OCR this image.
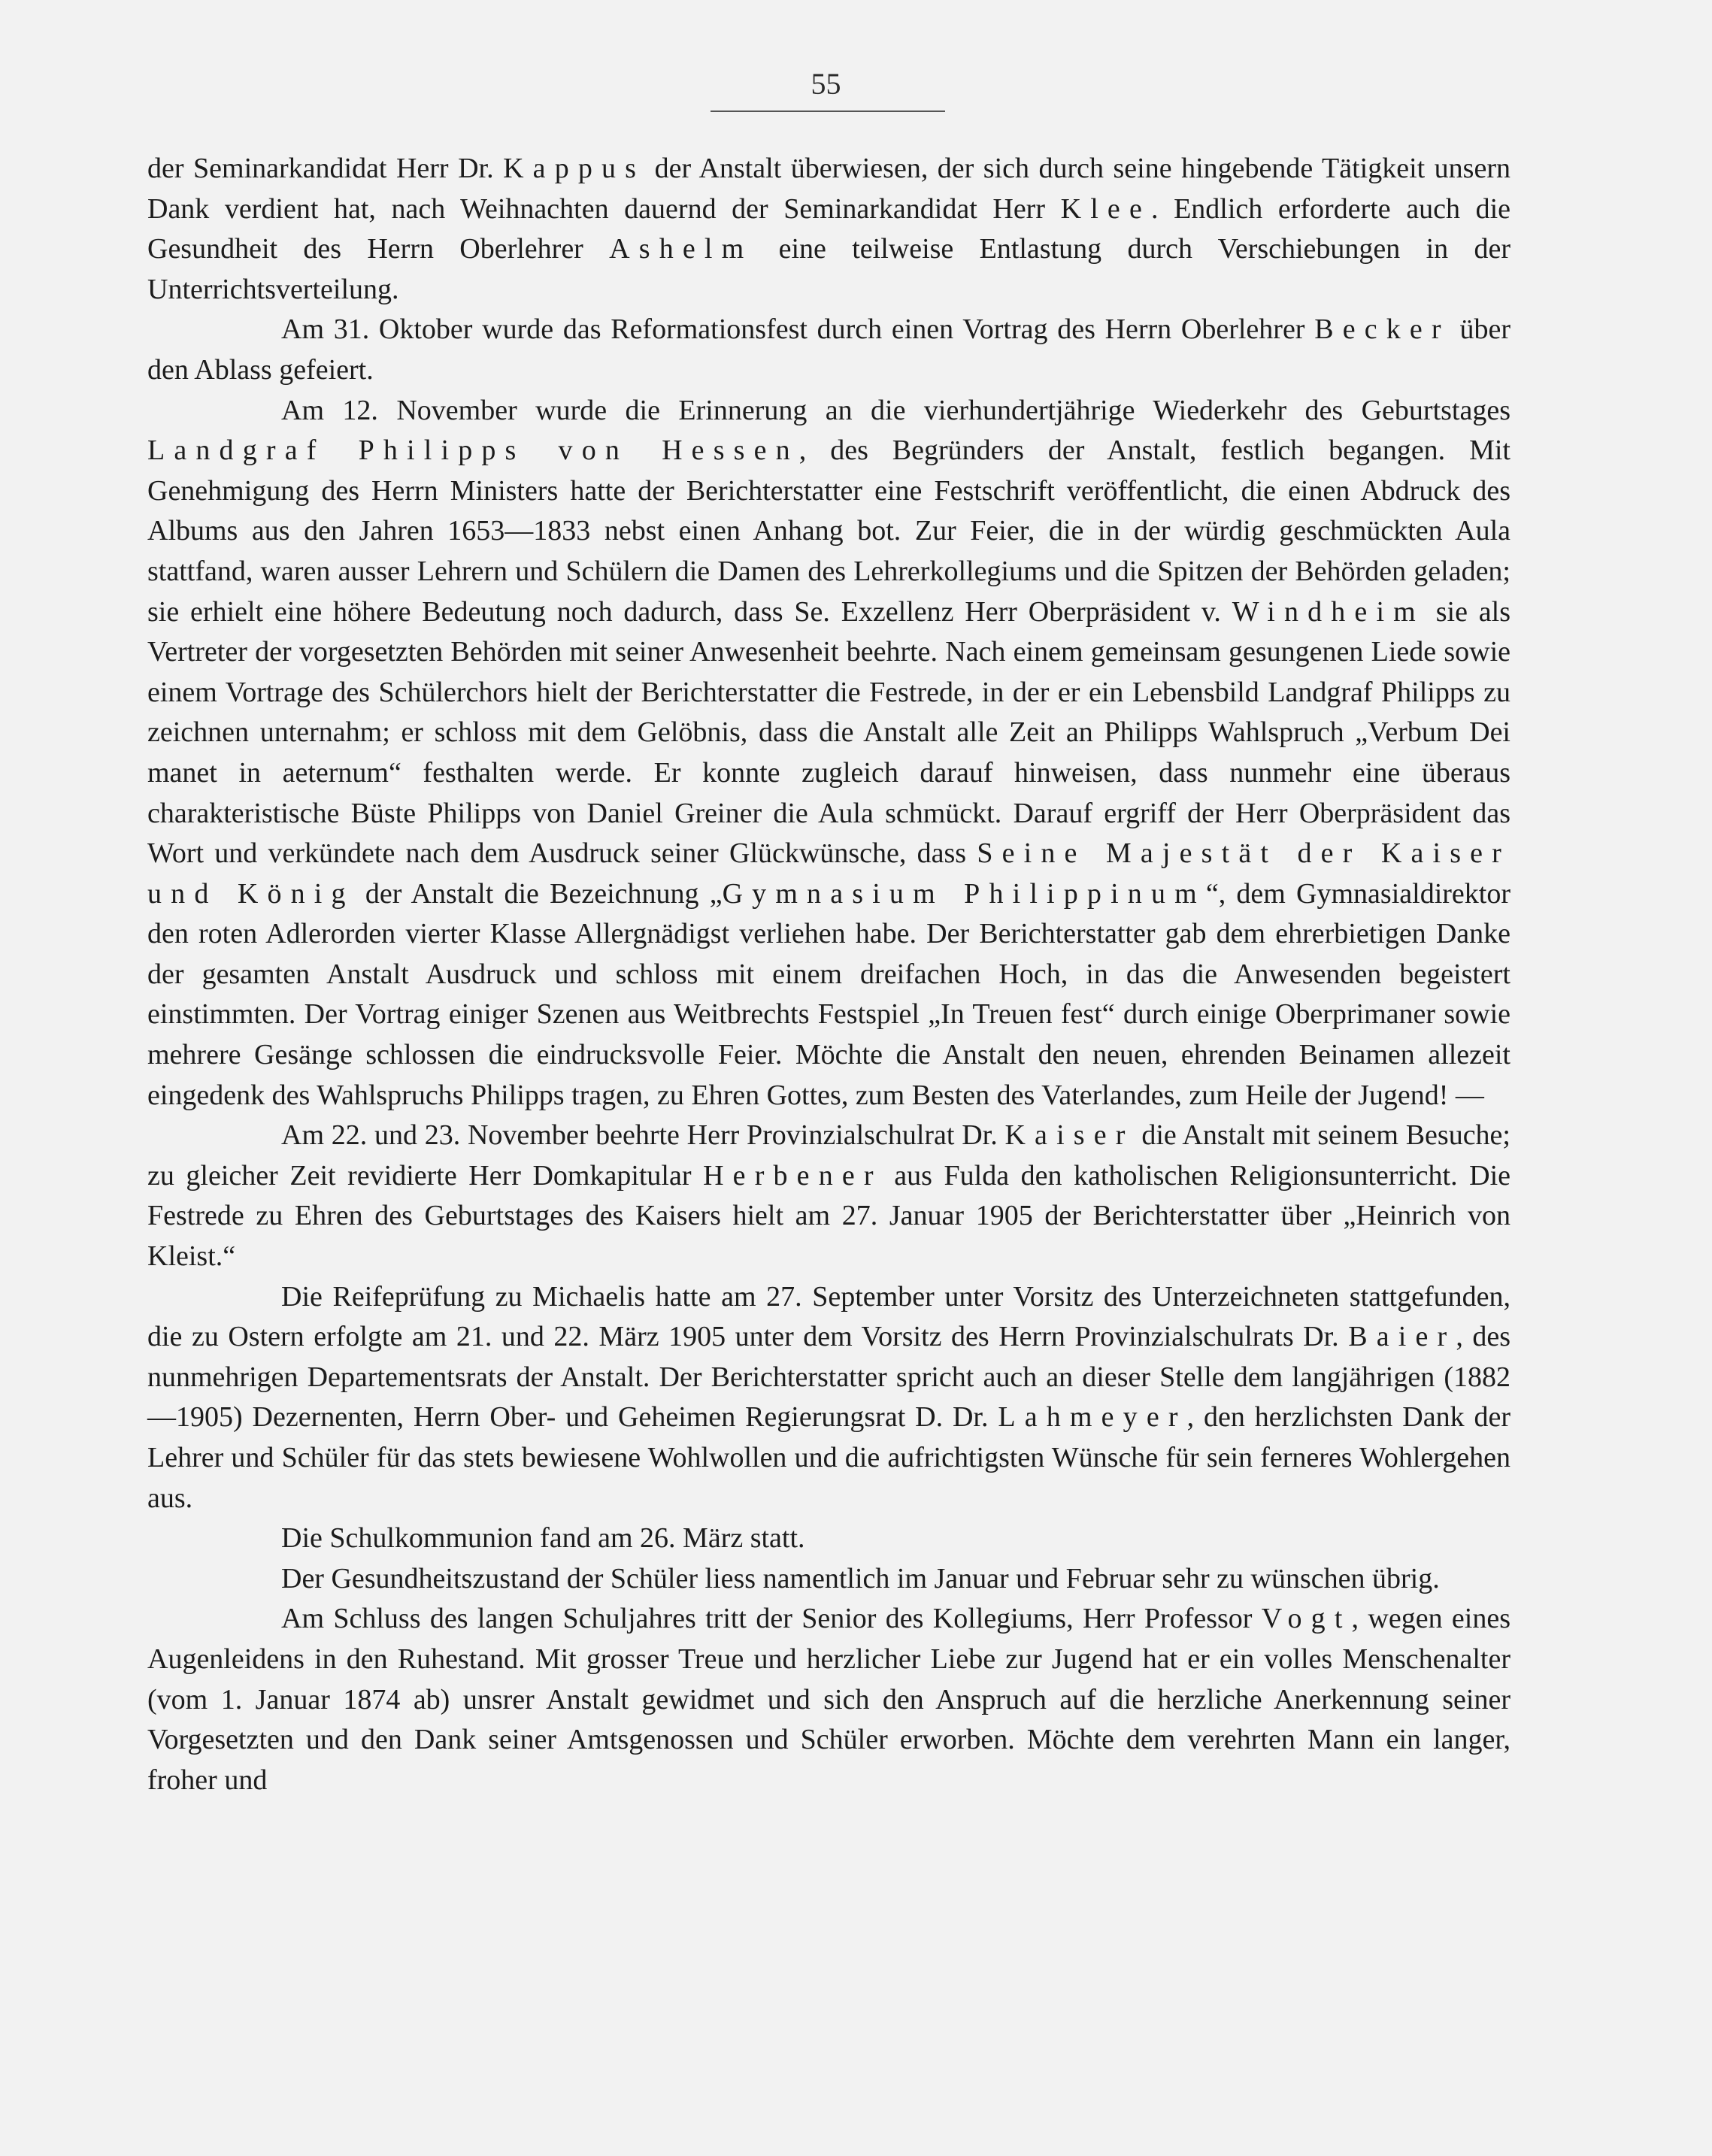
55

der Seminarkandidat Herr Dr. Kappus der Anstalt überwiesen, der sich durch seine hingebende Tätigkeit unsern Dank verdient hat, nach Weihnachten dauernd der Seminarkandidat Herr Klee. Endlich erforderte auch die Gesundheit des Herrn Oberlehrer Ashelm eine teilweise Entlastung durch Verschiebungen in der Unterrichtsverteilung.

Am 31. Oktober wurde das Reformationsfest durch einen Vortrag des Herrn Oberlehrer Becker über den Ablass gefeiert.

Am 12. November wurde die Erinnerung an die vierhundertjährige Wiederkehr des Geburtstages Landgraf Philipps von Hessen, des Begründers der Anstalt, festlich begangen. Mit Genehmigung des Herrn Ministers hatte der Berichterstatter eine Festschrift veröffentlicht, die einen Abdruck des Albums aus den Jahren 1653—1833 nebst einen Anhang bot. Zur Feier, die in der würdig geschmückten Aula stattfand, waren ausser Lehrern und Schülern die Damen des Lehrerkollegiums und die Spitzen der Behörden geladen; sie erhielt eine höhere Bedeutung noch dadurch, dass Se. Exzellenz Herr Oberpräsident v. Windheim sie als Vertreter der vorgesetzten Behörden mit seiner Anwesenheit beehrte. Nach einem gemeinsam gesungenen Liede sowie einem Vortrage des Schülerchors hielt der Berichterstatter die Festrede, in der er ein Lebensbild Landgraf Philipps zu zeichnen unternahm; er schloss mit dem Gelöbnis, dass die Anstalt alle Zeit an Philipps Wahlspruch „Verbum Dei manet in aeternum“ festhalten werde. Er konnte zugleich darauf hinweisen, dass nunmehr eine überaus charakteristische Büste Philipps von Daniel Greiner die Aula schmückt. Darauf ergriff der Herr Oberpräsident das Wort und verkündete nach dem Ausdruck seiner Glückwünsche, dass Seine Majestät der Kaiser und König der Anstalt die Bezeichnung „Gymnasium Philippinum“, dem Gymnasialdirektor den roten Adlerorden vierter Klasse Allergnädigst verliehen habe. Der Berichterstatter gab dem ehrerbietigen Danke der gesamten Anstalt Ausdruck und schloss mit einem dreifachen Hoch, in das die Anwesenden begeistert einstimmten. Der Vortrag einiger Szenen aus Weitbrechts Festspiel „In Treuen fest“ durch einige Oberprimaner sowie mehrere Gesänge schlossen die eindrucksvolle Feier. Möchte die Anstalt den neuen, ehrenden Beinamen allezeit eingedenk des Wahlspruchs Philipps tragen, zu Ehren Gottes, zum Besten des Vaterlandes, zum Heile der Jugend! —

Am 22. und 23. November beehrte Herr Provinzialschulrat Dr. Kaiser die Anstalt mit seinem Besuche; zu gleicher Zeit revidierte Herr Domkapitular Herbener aus Fulda den katholischen Religionsunterricht. Die Festrede zu Ehren des Geburtstages des Kaisers hielt am 27. Januar 1905 der Berichterstatter über „Heinrich von Kleist.“

Die Reifeprüfung zu Michaelis hatte am 27. September unter Vorsitz des Unterzeichneten stattgefunden, die zu Ostern erfolgte am 21. und 22. März 1905 unter dem Vorsitz des Herrn Provinzialschulrats Dr. Baier, des nunmehrigen Departementsrats der Anstalt. Der Berichterstatter spricht auch an dieser Stelle dem langjährigen (1882—1905) Dezernenten, Herrn Ober- und Geheimen Regierungsrat D. Dr. Lahmeyer, den herzlichsten Dank der Lehrer und Schüler für das stets bewiesene Wohlwollen und die aufrichtigsten Wünsche für sein ferneres Wohlergehen aus.

Die Schulkommunion fand am 26. März statt.

Der Gesundheitszustand der Schüler liess namentlich im Januar und Februar sehr zu wünschen übrig.

Am Schluss des langen Schuljahres tritt der Senior des Kollegiums, Herr Professor Vogt, wegen eines Augenleidens in den Ruhestand. Mit grosser Treue und herzlicher Liebe zur Jugend hat er ein volles Menschenalter (vom 1. Januar 1874 ab) unsrer Anstalt gewidmet und sich den Anspruch auf die herzliche Anerkennung seiner Vorgesetzten und den Dank seiner Amtsgenossen und Schüler erworben. Möchte dem verehrten Mann ein langer, froher und
